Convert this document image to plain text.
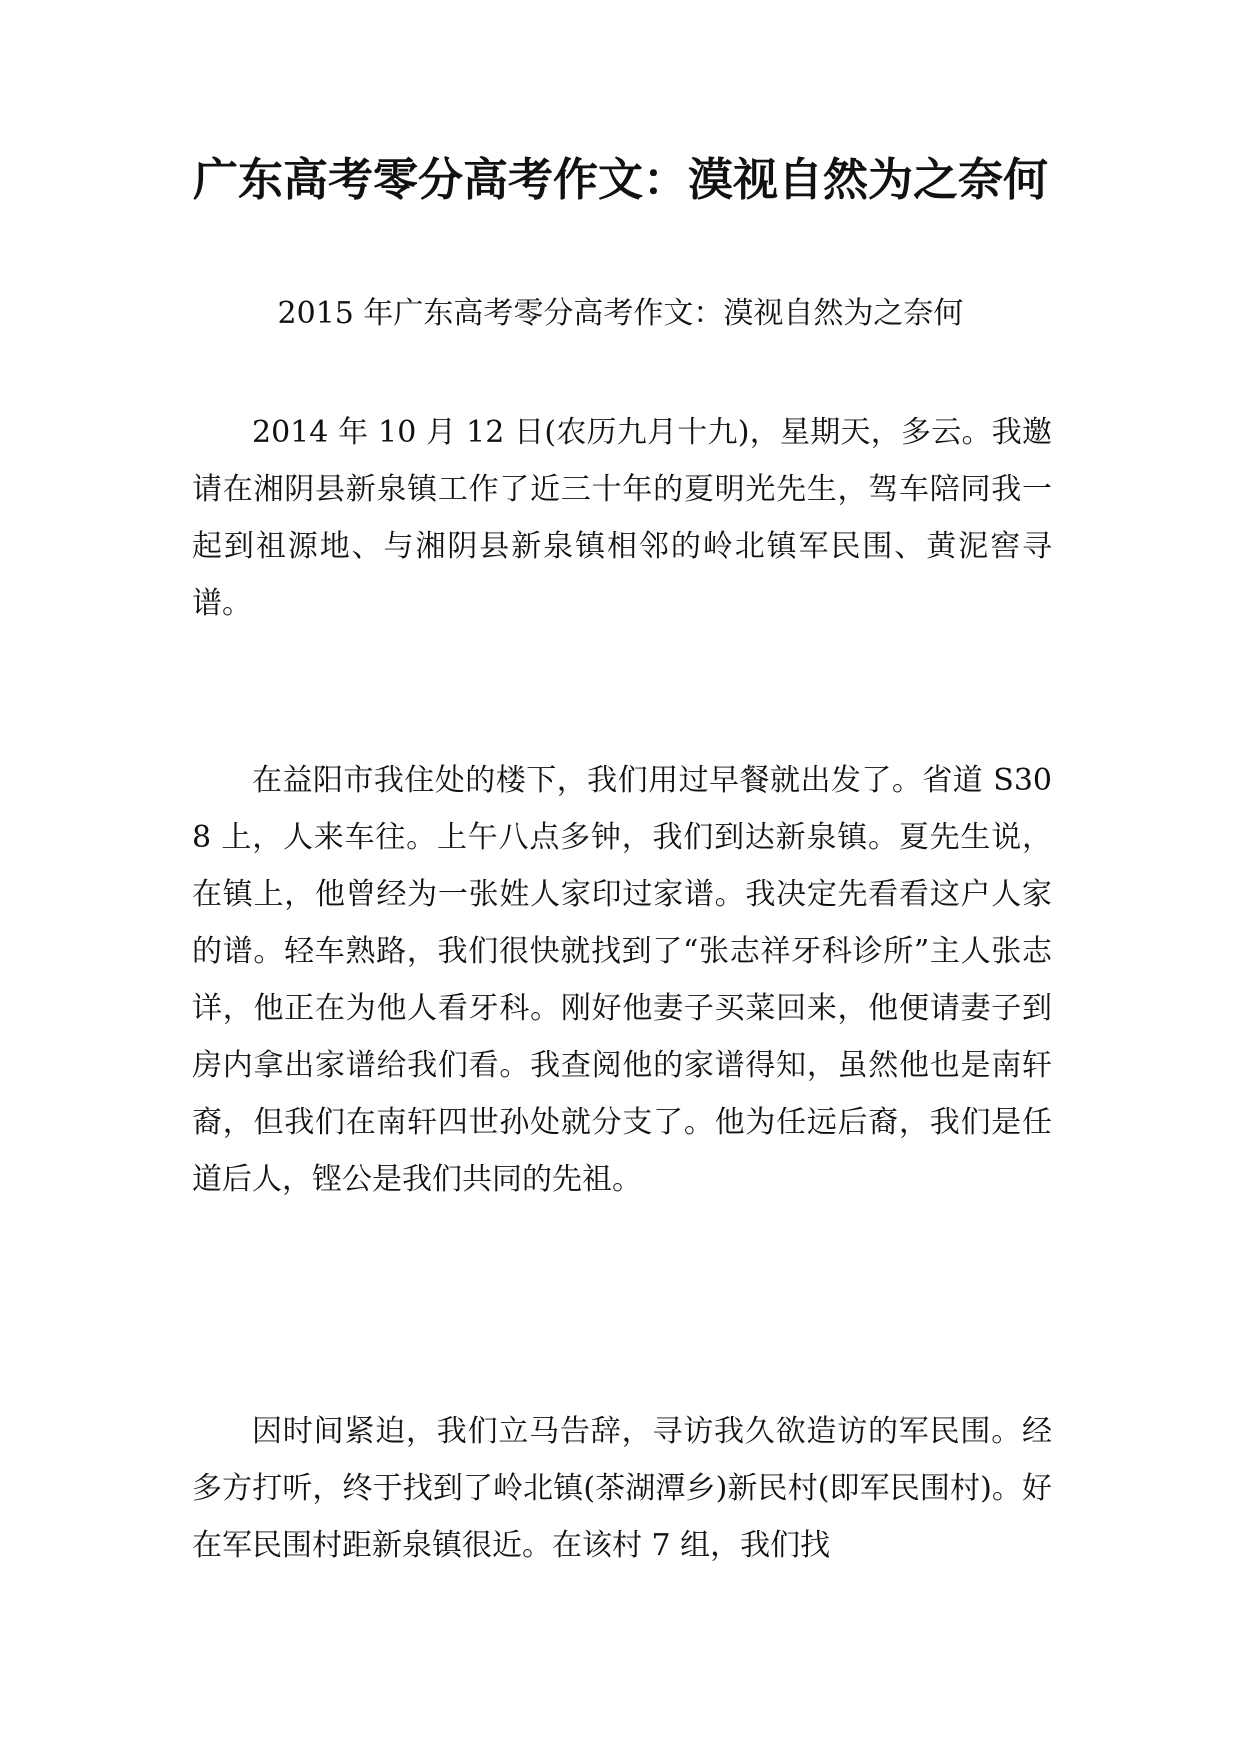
广东高考零分高考作文：漠视自然为之奈何

2015 年广东高考零分高考作文：漠视自然为之奈何

2014 年 10 月 12 日(农历九月十九)，星期天，多云。我邀请在湘阴县新泉镇工作了近三十年的夏明光先生，驾车陪同我一起到祖源地、与湘阴县新泉镇相邻的岭北镇军民围、黄泥窖寻谱。

在益阳市我住处的楼下，我们用过早餐就出发了。省道 S308 上，人来车往。上午八点多钟，我们到达新泉镇。夏先生说，在镇上，他曾经为一张姓人家印过家谱。我决定先看看这户人家的谱。轻车熟路，我们很快就找到了“张志祥牙科诊所”主人张志详，他正在为他人看牙科。刚好他妻子买菜回来，他便请妻子到房内拿出家谱给我们看。我查阅他的家谱得知，虽然他也是南轩裔，但我们在南轩四世孙处就分支了。他为任远后裔，我们是任道后人，铿公是我们共同的先祖。

因时间紧迫，我们立马告辞，寻访我久欲造访的军民围。经多方打听，终于找到了岭北镇(茶湖潭乡)新民村(即军民围村)。好在军民围村距新泉镇很近。在该村 7 组，我们找
